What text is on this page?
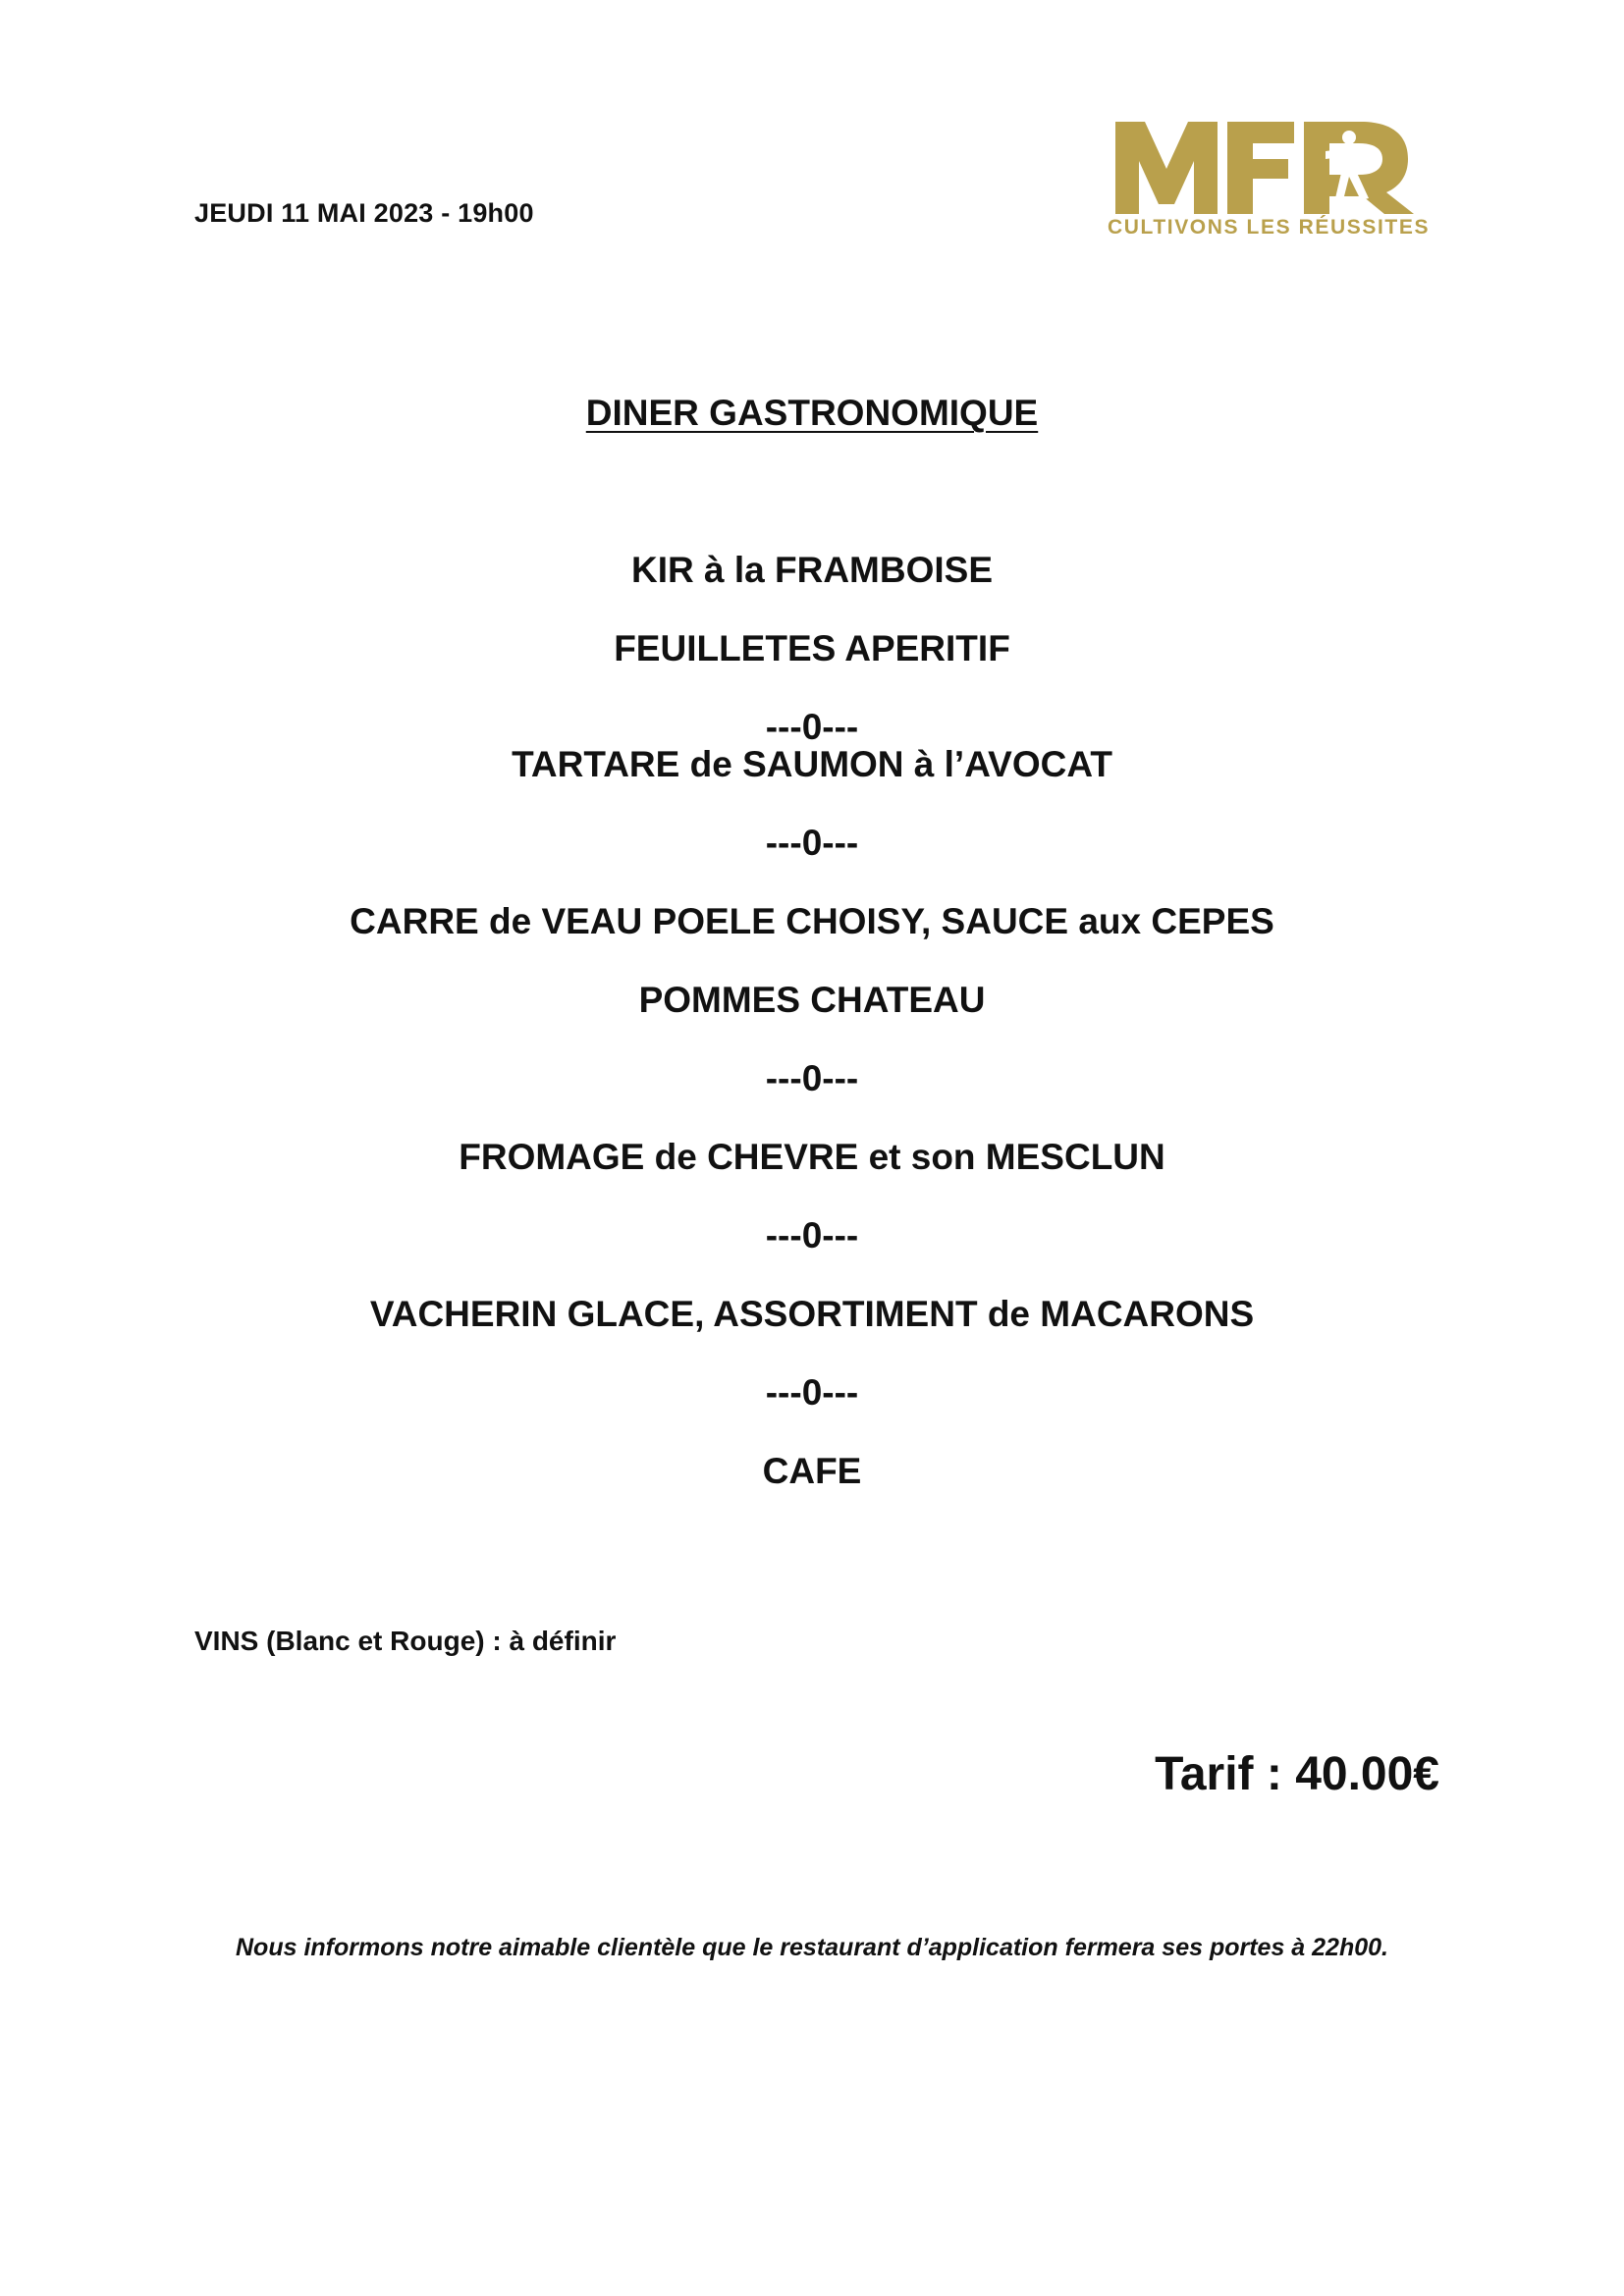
JEUDI 11 MAI 2023 - 19h00	CULTIVONS LES RÉUSSITES
DINER GASTRONOMIQUE
KIR à la FRAMBOISE
FEUILLETES APERITIF
---0---
TARTARE de SAUMON à l’AVOCAT
---0---
CARRE de VEAU POELE CHOISY, SAUCE aux CEPES
POMMES CHATEAU
---0---
FROMAGE de CHEVRE et son MESCLUN
---0---
VACHERIN GLACE, ASSORTIMENT de MACARONS
---0---
CAFE
VINS (Blanc et Rouge) : à définir
Tarif : 40.00€
Nous informons notre aimable clientèle que le restaurant d’application fermera ses portes à 22h00.
